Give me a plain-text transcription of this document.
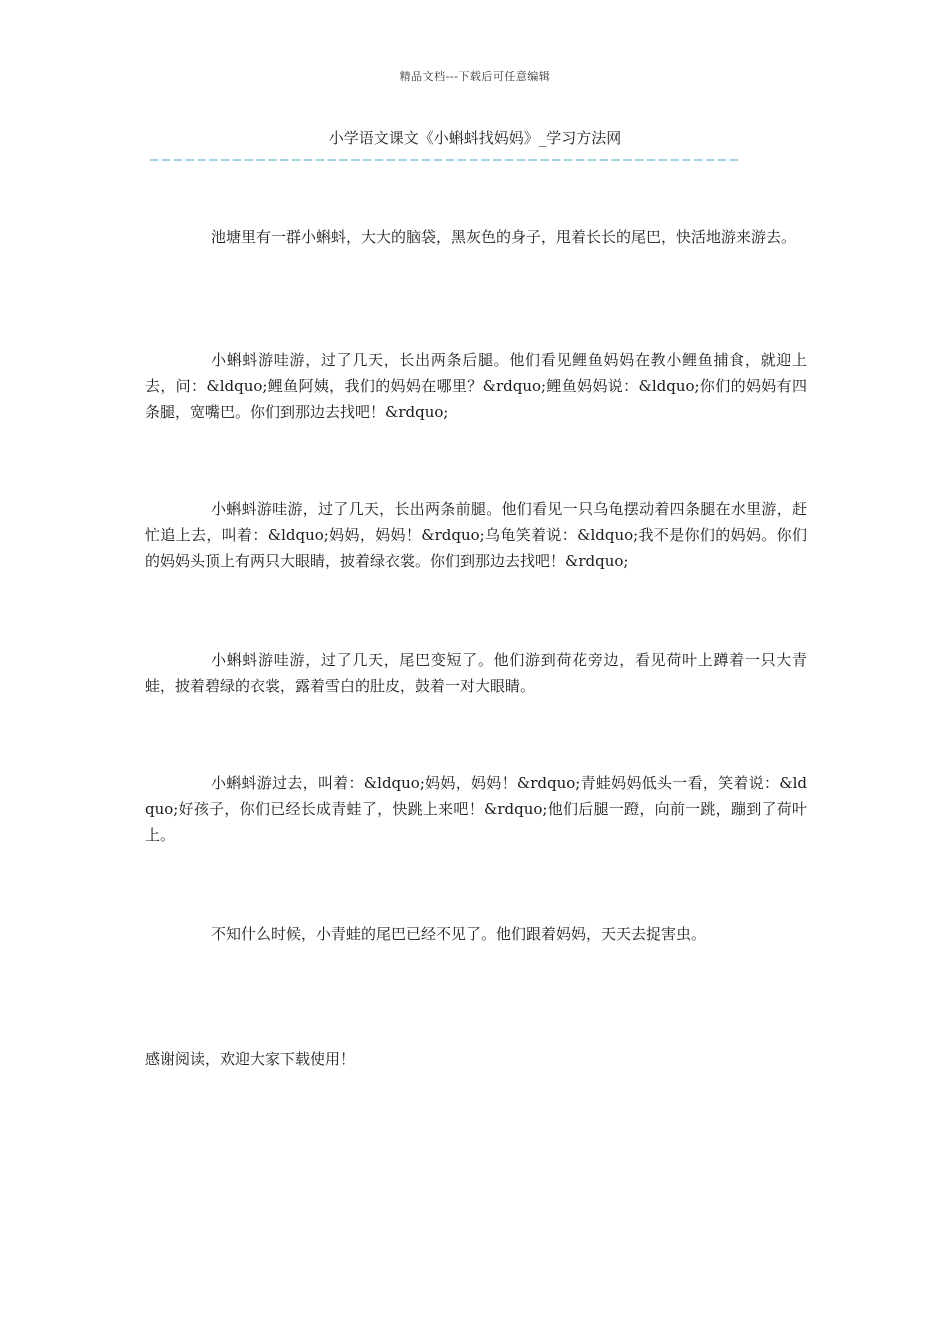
精品文档---下载后可任意编辑
小学语文课文《小蝌蚪找妈妈》_学习方法网
——————————————————————————————————————————————————

池塘里有一群小蝌蚪，大大的脑袋，黑灰色的身子，甩着长长的尾巴，快活地游来游去。

小蝌蚪游哇游，过了几天，长出两条后腿。他们看见鲤鱼妈妈在教小鲤鱼捕食，就迎上去，问：&ldquo;鲤鱼阿姨，我们的妈妈在哪里？&rdquo;鲤鱼妈妈说：&ldquo;你们的妈妈有四条腿，宽嘴巴。你们到那边去找吧！&rdquo;

小蝌蚪游哇游，过了几天，长出两条前腿。他们看见一只乌龟摆动着四条腿在水里游，赶忙追上去，叫着：&ldquo;妈妈，妈妈！&rdquo;乌龟笑着说：&ldquo;我不是你们的妈妈。你们的妈妈头顶上有两只大眼睛，披着绿衣裳。你们到那边去找吧！&rdquo;

小蝌蚪游哇游，过了几天，尾巴变短了。他们游到荷花旁边，看见荷叶上蹲着一只大青蛙，披着碧绿的衣裳，露着雪白的肚皮，鼓着一对大眼睛。

小蝌蚪游过去，叫着：&ldquo;妈妈，妈妈！&rdquo;青蛙妈妈低头一看，笑着说：&ldquo;好孩子，你们已经长成青蛙了，快跳上来吧！&rdquo;他们后腿一蹬，向前一跳，蹦到了荷叶上。

不知什么时候，小青蛙的尾巴已经不见了。他们跟着妈妈，天天去捉害虫。

感谢阅读，欢迎大家下载使用！
